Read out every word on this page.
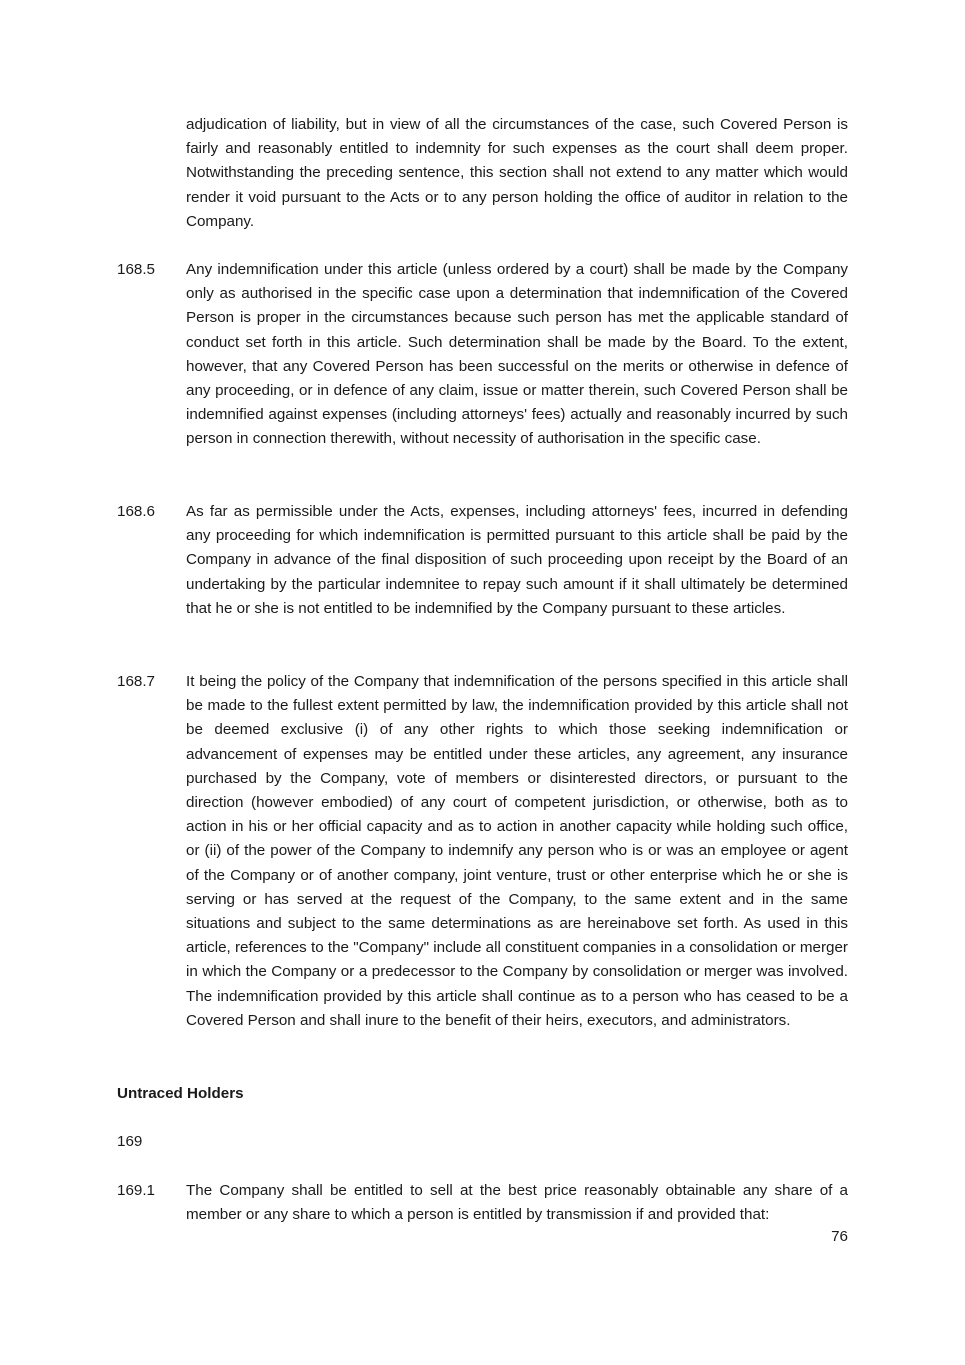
adjudication of liability, but in view of all the circumstances of the case, such Covered Person is fairly and reasonably entitled to indemnity for such expenses as the court shall deem proper. Notwithstanding the preceding sentence, this section shall not extend to any matter which would render it void pursuant to the Acts or to any person holding the office of auditor in relation to the Company.
168.5	Any indemnification under this article (unless ordered by a court) shall be made by the Company only as authorised in the specific case upon a determination that indemnification of the Covered Person is proper in the circumstances because such person has met the applicable standard of conduct set forth in this article. Such determination shall be made by the Board. To the extent, however, that any Covered Person has been successful on the merits or otherwise in defence of any proceeding, or in defence of any claim, issue or matter therein, such Covered Person shall be indemnified against expenses (including attorneys' fees) actually and reasonably incurred by such person in connection therewith, without necessity of authorisation in the specific case.
168.6	As far as permissible under the Acts, expenses, including attorneys' fees, incurred in defending any proceeding for which indemnification is permitted pursuant to this article shall be paid by the Company in advance of the final disposition of such proceeding upon receipt by the Board of an undertaking by the particular indemnitee to repay such amount if it shall ultimately be determined that he or she is not entitled to be indemnified by the Company pursuant to these articles.
168.7	It being the policy of the Company that indemnification of the persons specified in this article shall be made to the fullest extent permitted by law, the indemnification provided by this article shall not be deemed exclusive (i) of any other rights to which those seeking indemnification or advancement of expenses may be entitled under these articles, any agreement, any insurance purchased by the Company, vote of members or disinterested directors, or pursuant to the direction (however embodied) of any court of competent jurisdiction, or otherwise, both as to action in his or her official capacity and as to action in another capacity while holding such office, or (ii) of the power of the Company to indemnify any person who is or was an employee or agent of the Company or of another company, joint venture, trust or other enterprise which he or she is serving or has served at the request of the Company, to the same extent and in the same situations and subject to the same determinations as are hereinabove set forth. As used in this article, references to the "Company" include all constituent companies in a consolidation or merger in which the Company or a predecessor to the Company by consolidation or merger was involved. The indemnification provided by this article shall continue as to a person who has ceased to be a Covered Person and shall inure to the benefit of their heirs, executors, and administrators.
Untraced Holders
169
169.1	The Company shall be entitled to sell at the best price reasonably obtainable any share of a member or any share to which a person is entitled by transmission if and provided that:
76
